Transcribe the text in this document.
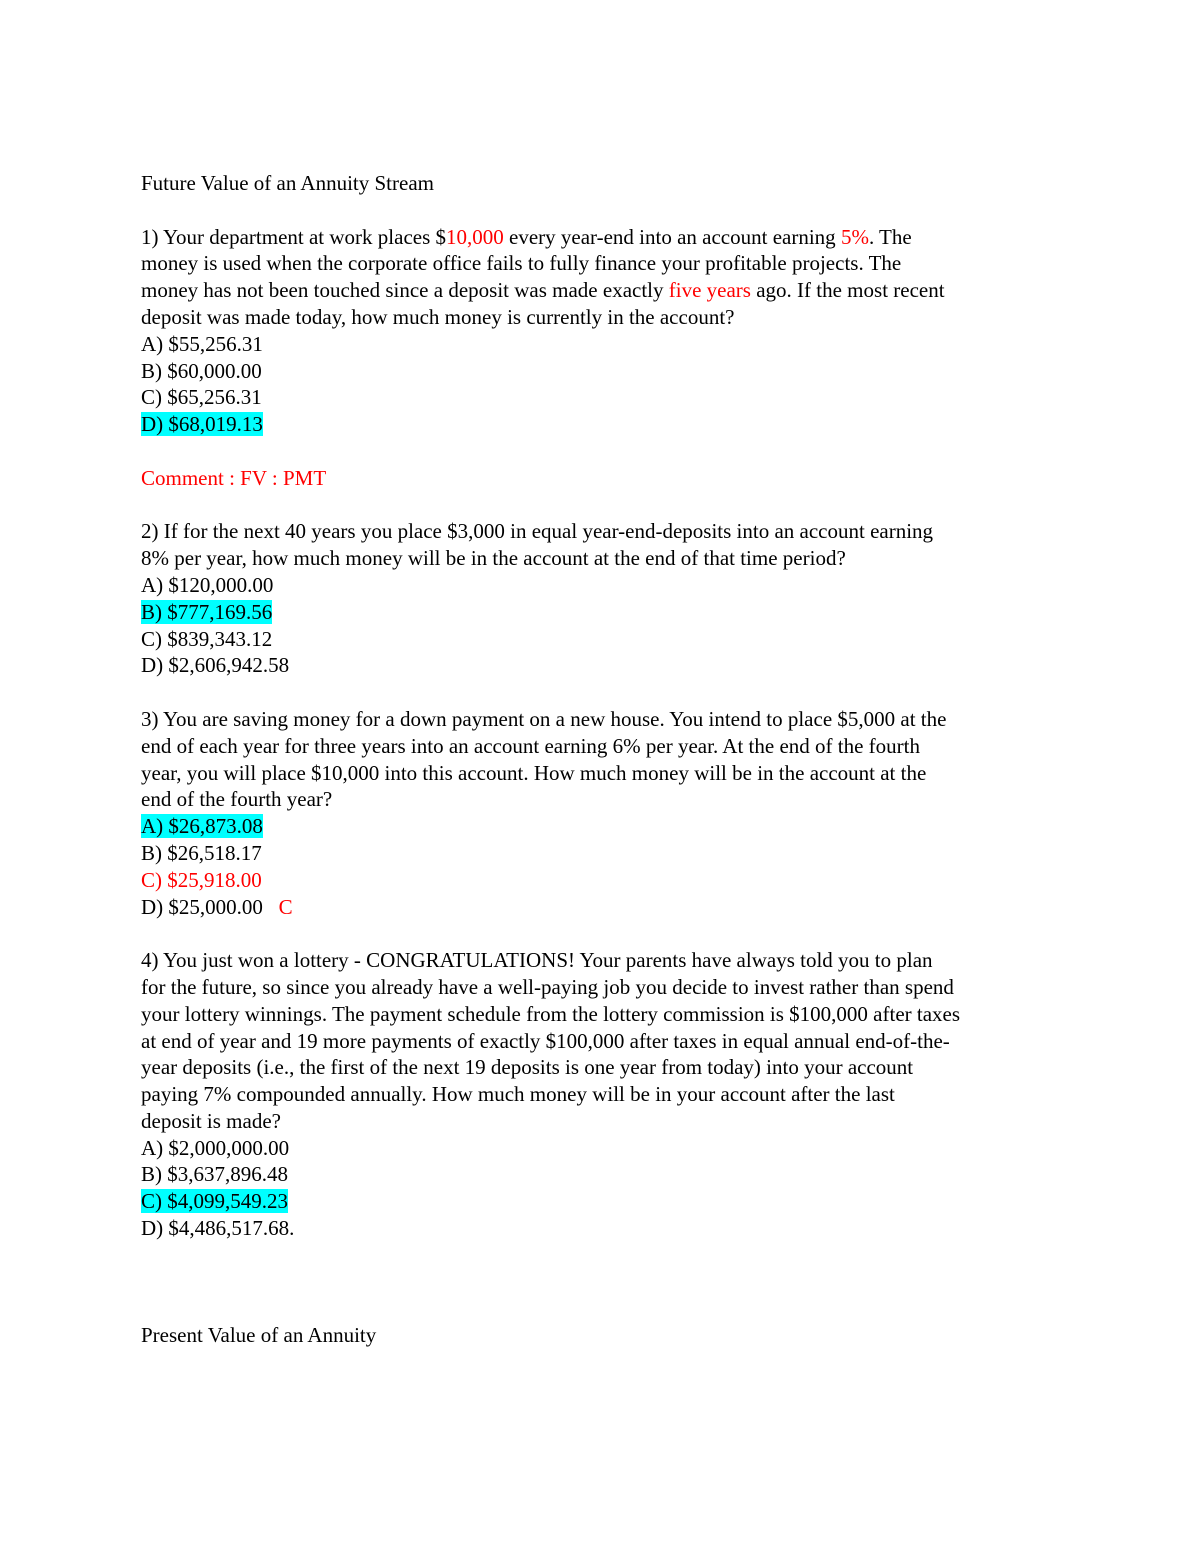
Future Value of an Annuity Stream
1) Your department at work places $10,000 every year-end into an account earning 5%. The
money is used when the corporate office fails to fully finance your profitable projects. The
money has not been touched since a deposit was made exactly five years ago. If the most recent
deposit was made today, how much money is currently in the account?
A) $55,256.31
B) $60,000.00
C) $65,256.31
D) $68,019.13
Comment : FV : PMT
2) If for the next 40 years you place $3,000 in equal year-end-deposits into an account earning
8% per year, how much money will be in the account at the end of that time period?
A) $120,000.00
B) $777,169.56
C) $839,343.12
D) $2,606,942.58
3) You are saving money for a down payment on a new house. You intend to place $5,000 at the
end of each year for three years into an account earning 6% per year. At the end of the fourth
year, you will place $10,000 into this account. How much money will be in the account at the
end of the fourth year?
A) $26,873.08
B) $26,518.17
C) $25,918.00
D) $25,000.00 C
4) You just won a lottery - CONGRATULATIONS! Your parents have always told you to plan
for the future, so since you already have a well-paying job you decide to invest rather than spend
your lottery winnings. The payment schedule from the lottery commission is $100,000 after taxes
at end of year and 19 more payments of exactly $100,000 after taxes in equal annual end-of-the-
year deposits (i.e., the first of the next 19 deposits is one year from today) into your account
paying 7% compounded annually. How much money will be in your account after the last
deposit is made?
A) $2,000,000.00
B) $3,637,896.48
C) $4,099,549.23
D) $4,486,517.68.
Present Value of an Annuity
